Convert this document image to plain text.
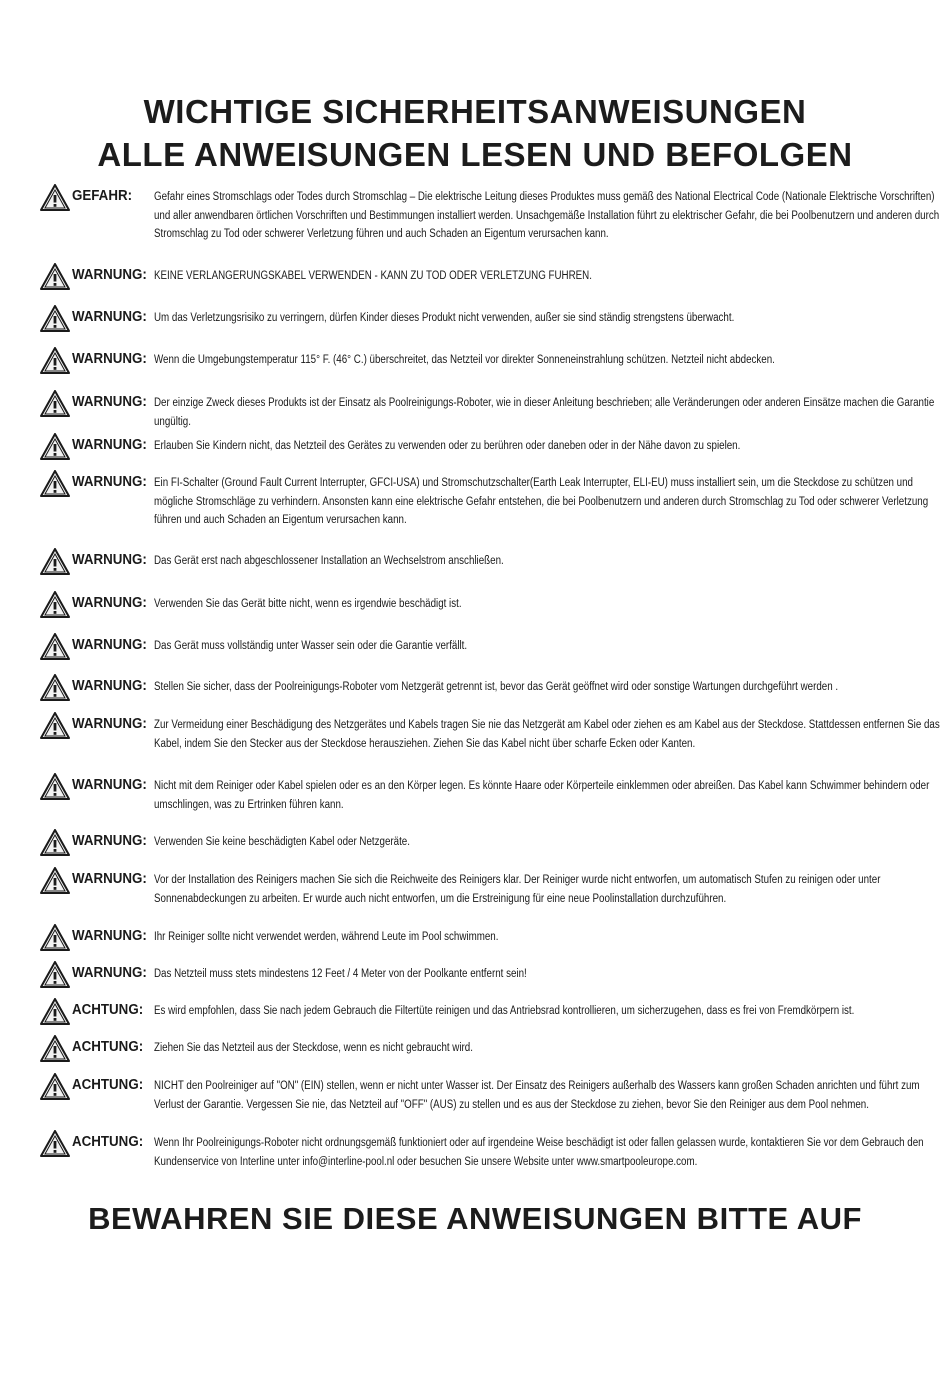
WICHTIGE SICHERHEITSANWEISUNGEN
ALLE ANWEISUNGEN LESEN UND BEFOLGEN
GEFAHR: Gefahr eines Stromschlags oder Todes durch Stromschlag – Die elektrische Leitung dieses Produktes muss gemäß des National Electrical Code (Nationale Elektrische Vorschriften) und aller anwendbaren örtlichen Vorschriften und Bestimmungen installiert werden. Unsachgemäße Installation führt zu elektrischer Gefahr, die bei Poolbenutzern und anderen durch Stromschlag zu Tod oder schwerer Verletzung führen und auch Schaden an Eigentum verursachen kann.
WARNUNG: KEINE VERLÄNGERUNGSKABEL VERWENDEN - KANN ZU TOD ODER VERLETZUNG FÜHREN.
WARNUNG: Um das Verletzungsrisiko zu verringern, dürfen Kinder dieses Produkt nicht verwenden, außer sie sind ständig strengstens überwacht.
WARNUNG: Wenn die Umgebungstemperatur 115° F. (46° C.) überschreitet, das Netzteil vor direkter Sonneneinstrahlung schützen. Netzteil nicht abdecken.
WARNUNG: Der einzige Zweck dieses Produkts ist der Einsatz als Poolreinigungs-Roboter, wie in dieser Anleitung beschrieben; alle Veränderungen oder anderen Einsätze machen die Garantie ungültig.
WARNUNG: Erlauben Sie Kindern nicht, das Netzteil des Gerätes zu verwenden oder zu berühren oder daneben oder in der Nähe davon zu spielen.
WARNUNG: Ein FI-Schalter (Ground Fault Current Interrupter, GFCI-USA) und Stromschutzschalter(Earth Leak Interrupter, ELI-EU) muss installiert sein, um die Steckdose zu schützen und mögliche Stromschläge zu verhindern. Ansonsten kann eine elektrische Gefahr entstehen, die bei Poolbenutzern und anderen durch Stromschlag zu Tod oder schwerer Verletzung führen und auch Schaden an Eigentum verursachen kann.
WARNUNG: Das Gerät erst nach abgeschlossener Installation an Wechselstrom anschließen.
WARNUNG: Verwenden Sie das Gerät bitte nicht, wenn es irgendwie beschädigt ist.
WARNUNG: Das Gerät muss vollständig unter Wasser sein oder die Garantie verfällt.
WARNUNG: Stellen Sie sicher, dass der Poolreinigungs-Roboter vom Netzgerät getrennt ist, bevor das Gerät geöffnet wird oder sonstige Wartungen durchgeführt werden .
WARNUNG: Zur Vermeidung einer Beschädigung des Netzgerätes und Kabels tragen Sie nie das Netzgerät am Kabel oder ziehen es am Kabel aus der Steckdose. Stattdessen entfernen Sie das Kabel, indem Sie den Stecker aus der Steckdose herausziehen. Ziehen Sie das Kabel nicht über scharfe Ecken oder Kanten.
WARNUNG: Nicht mit dem Reiniger oder Kabel spielen oder es an den Körper legen. Es könnte Haare oder Körperteile einklemmen oder abreißen. Das Kabel kann Schwimmer behindern oder umschlingen, was zu Ertrinken führen kann.
WARNUNG: Verwenden Sie keine beschädigten Kabel oder Netzgeräte.
WARNUNG: Vor der Installation des Reinigers machen Sie sich die Reichweite des Reinigers klar. Der Reiniger wurde nicht entworfen, um automatisch Stufen zu reinigen oder unter Sonnenabdeckungen zu arbeiten. Er wurde auch nicht entworfen, um die Erstreinigung für eine neue Poolinstallation durchzuführen.
WARNUNG: Ihr Reiniger sollte nicht verwendet werden, während Leute im Pool schwimmen.
WARNUNG: Das Netzteil muss stets mindestens 12 Feet / 4 Meter von der Poolkante entfernt sein!
ACHTUNG: Es wird empfohlen, dass Sie nach jedem Gebrauch die Filtertüte reinigen und das Antriebsrad kontrollieren, um sicherzugehen, dass es frei von Fremdkörpern ist.
ACHTUNG: Ziehen Sie das Netzteil aus der Steckdose, wenn es nicht gebraucht wird.
ACHTUNG: NICHT den Poolreiniger auf "ON" (EIN) stellen, wenn er nicht unter Wasser ist. Der Einsatz des Reinigers außerhalb des Wassers kann großen Schaden anrichten und führt zum Verlust der Garantie. Vergessen Sie nie, das Netzteil auf "OFF" (AUS) zu stellen und es aus der Steckdose zu ziehen, bevor Sie den Reiniger aus dem Pool nehmen.
ACHTUNG: Wenn Ihr Poolreinigungs-Roboter nicht ordnungsgemäß funktioniert oder auf irgendeine Weise beschädigt ist oder fallen gelassen wurde, kontaktieren Sie vor dem Gebrauch den Kundenservice von Interline unter info@interline-pool.nl oder besuchen Sie unsere Website unter www.smartpooleurope.com.
BEWAHREN SIE DIESE ANWEISUNGEN BITTE AUF
